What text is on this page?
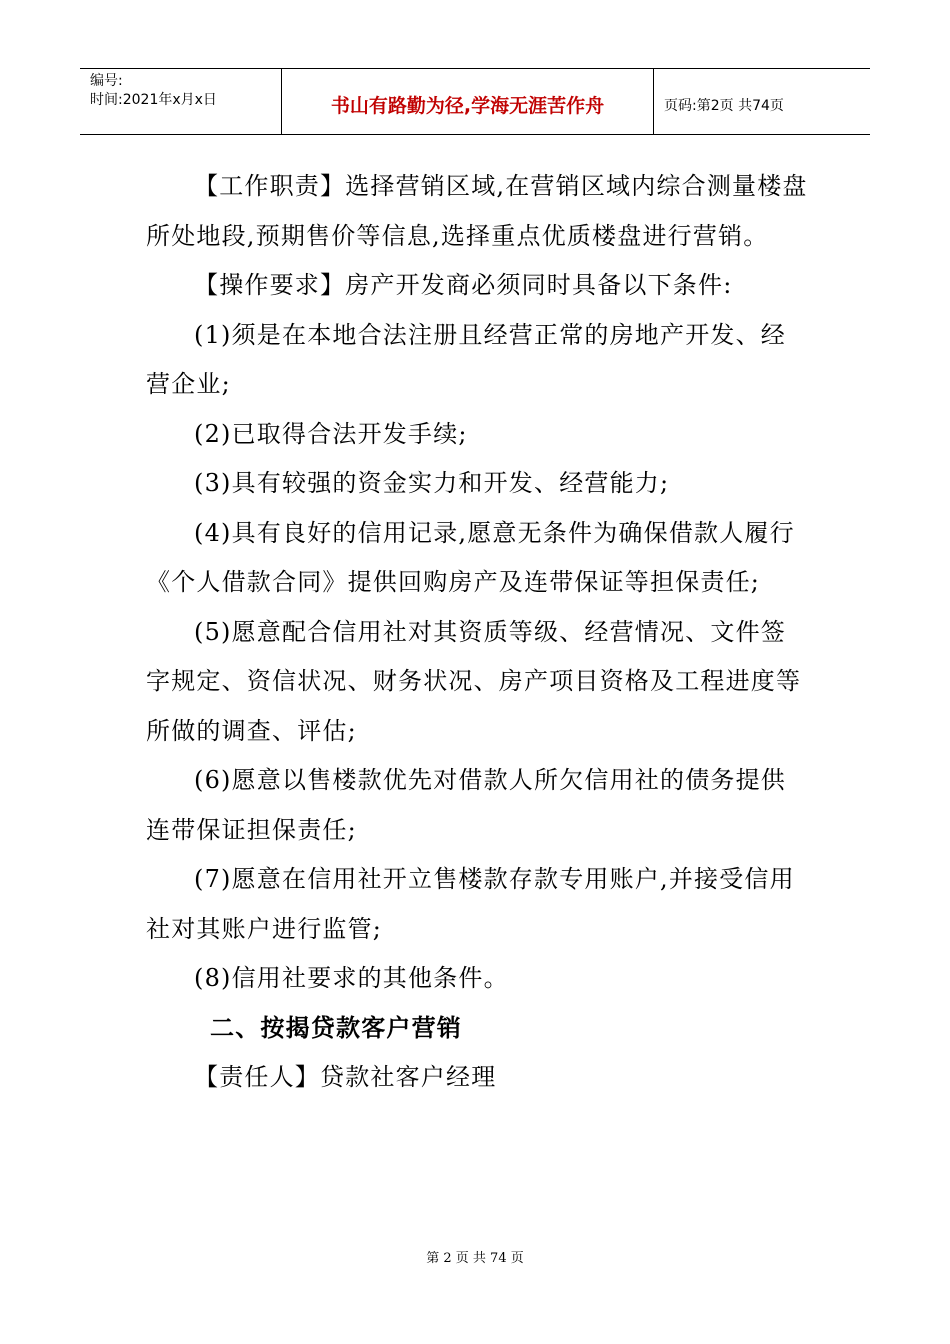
编号:
时间:2021年x月x日	书山有路勤为径,学海无涯苦作舟	页码:第2页 共74页

【工作职责】选择营销区域,在营销区域内综合测量楼盘所处地段,预期售价等信息,选择重点优质楼盘进行营销。

【操作要求】房产开发商必须同时具备以下条件:

(1)须是在本地合法注册且经营正常的房地产开发、经营企业;

(2)已取得合法开发手续;

(3)具有较强的资金实力和开发、经营能力;

(4)具有良好的信用记录,愿意无条件为确保借款人履行《个人借款合同》提供回购房产及连带保证等担保责任;

(5)愿意配合信用社对其资质等级、经营情况、文件签字规定、资信状况、财务状况、房产项目资格及工程进度等所做的调查、评估;

(6)愿意以售楼款优先对借款人所欠信用社的债务提供连带保证担保责任;

(7)愿意在信用社开立售楼款存款专用账户,并接受信用社对其账户进行监管;

(8)信用社要求的其他条件。

二、按揭贷款客户营销

【责任人】贷款社客户经理

第 2 页 共 74 页
